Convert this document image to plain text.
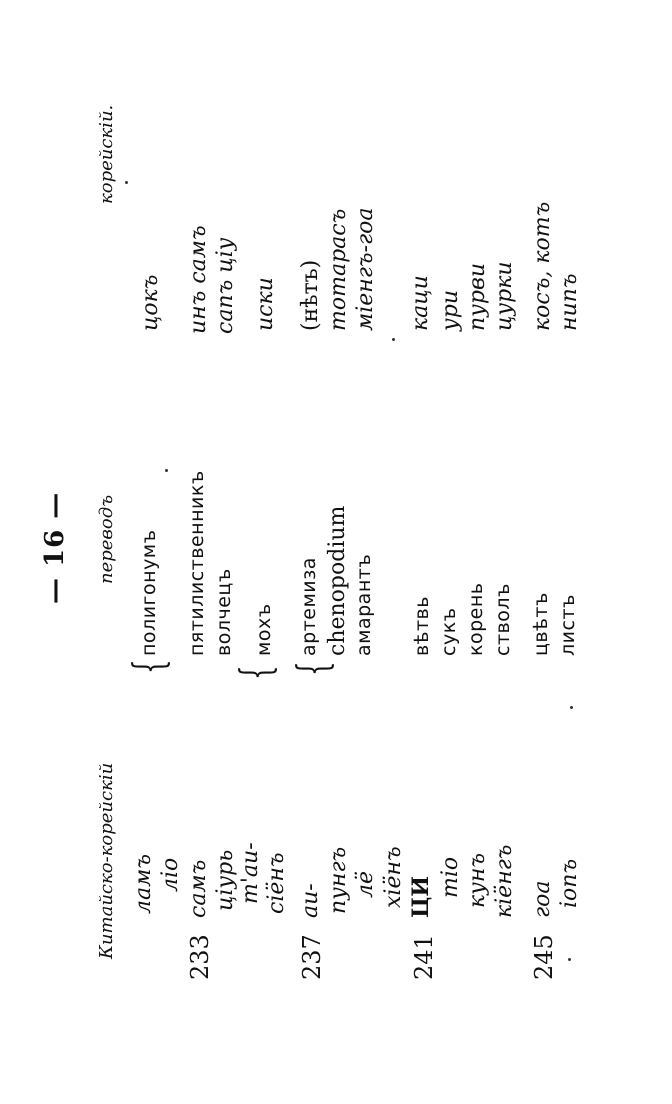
— 16 —
Китайско-корейскій
переводъ
корейскій.
ламъ
{
полигонумъ
цокъ
ліо
233
самъ
пятилиственникъ
инъ самъ
цiурь
волчецъ
сапъ цiу
т'аи-
{
сiёнъ
мохъ
иски
237
аи-
{
артемиза
(нѣтъ)
пунгъ
chenopodium
тотарасъ
лё
амарантъ
мiенгъ-гоа
хiёнъ
241
ЦИ
вѣтвь
каци
тiо
сукъ
ури
кунъ
корень
пурви
кiёнгъ
стволъ
цурки
245
гоа
цвѣтъ
косъ, котъ
iопъ
листъ
нипъ
